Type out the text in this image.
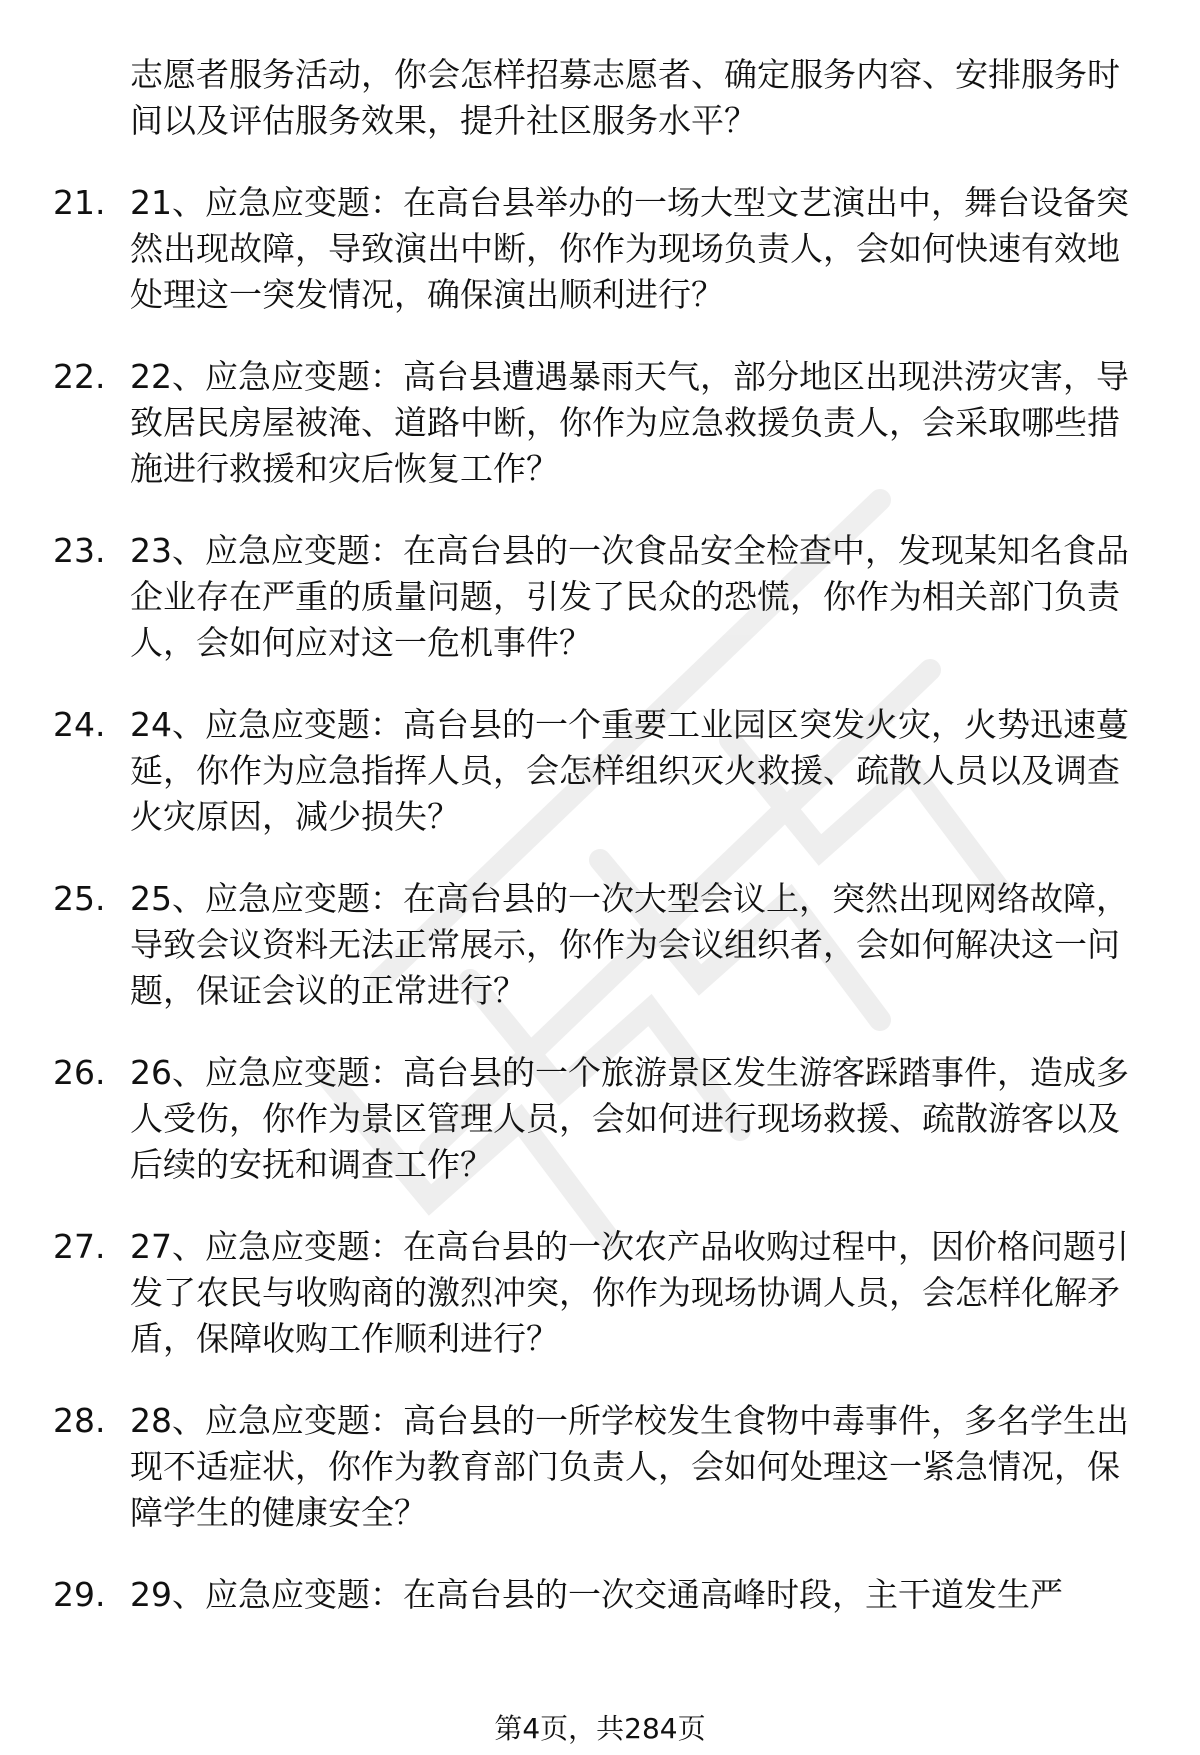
志愿者服务活动，你会怎样招募志愿者、确定服务内容、安排服务时间以及评估服务效果，提升社区服务水平？
21. 21、应急应变题：在高台县举办的一场大型文艺演出中，舞台设备突然出现故障，导致演出中断，你作为现场负责人，会如何快速有效地处理这一突发情况，确保演出顺利进行？
22. 22、应急应变题：高台县遭遇暴雨天气，部分地区出现洪涝灾害，导致居民房屋被淹、道路中断，你作为应急救援负责人，会采取哪些措施进行救援和灾后恢复工作？
23. 23、应急应变题：在高台县的一次食品安全检查中，发现某知名食品企业存在严重的质量问题，引发了民众的恐慌，你作为相关部门负责人，会如何应对这一危机事件？
24. 24、应急应变题：高台县的一个重要工业园区突发火灾，火势迅速蔓延，你作为应急指挥人员，会怎样组织灭火救援、疏散人员以及调查火灾原因，减少损失？
25. 25、应急应变题：在高台县的一次大型会议上，突然出现网络故障，导致会议资料无法正常展示，你作为会议组织者，会如何解决这一问题，保证会议的正常进行？
26. 26、应急应变题：高台县的一个旅游景区发生游客踩踏事件，造成多人受伤，你作为景区管理人员，会如何进行现场救援、疏散游客以及后续的安抚和调查工作？
27. 27、应急应变题：在高台县的一次农产品收购过程中，因价格问题引发了农民与收购商的激烈冲突，你作为现场协调人员，会怎样化解矛盾，保障收购工作顺利进行？
28. 28、应急应变题：高台县的一所学校发生食物中毒事件，多名学生出现不适症状，你作为教育部门负责人，会如何处理这一紧急情况，保障学生的健康安全？
29. 29、应急应变题：在高台县的一次交通高峰时段，主干道发生严
第4页，共284页
